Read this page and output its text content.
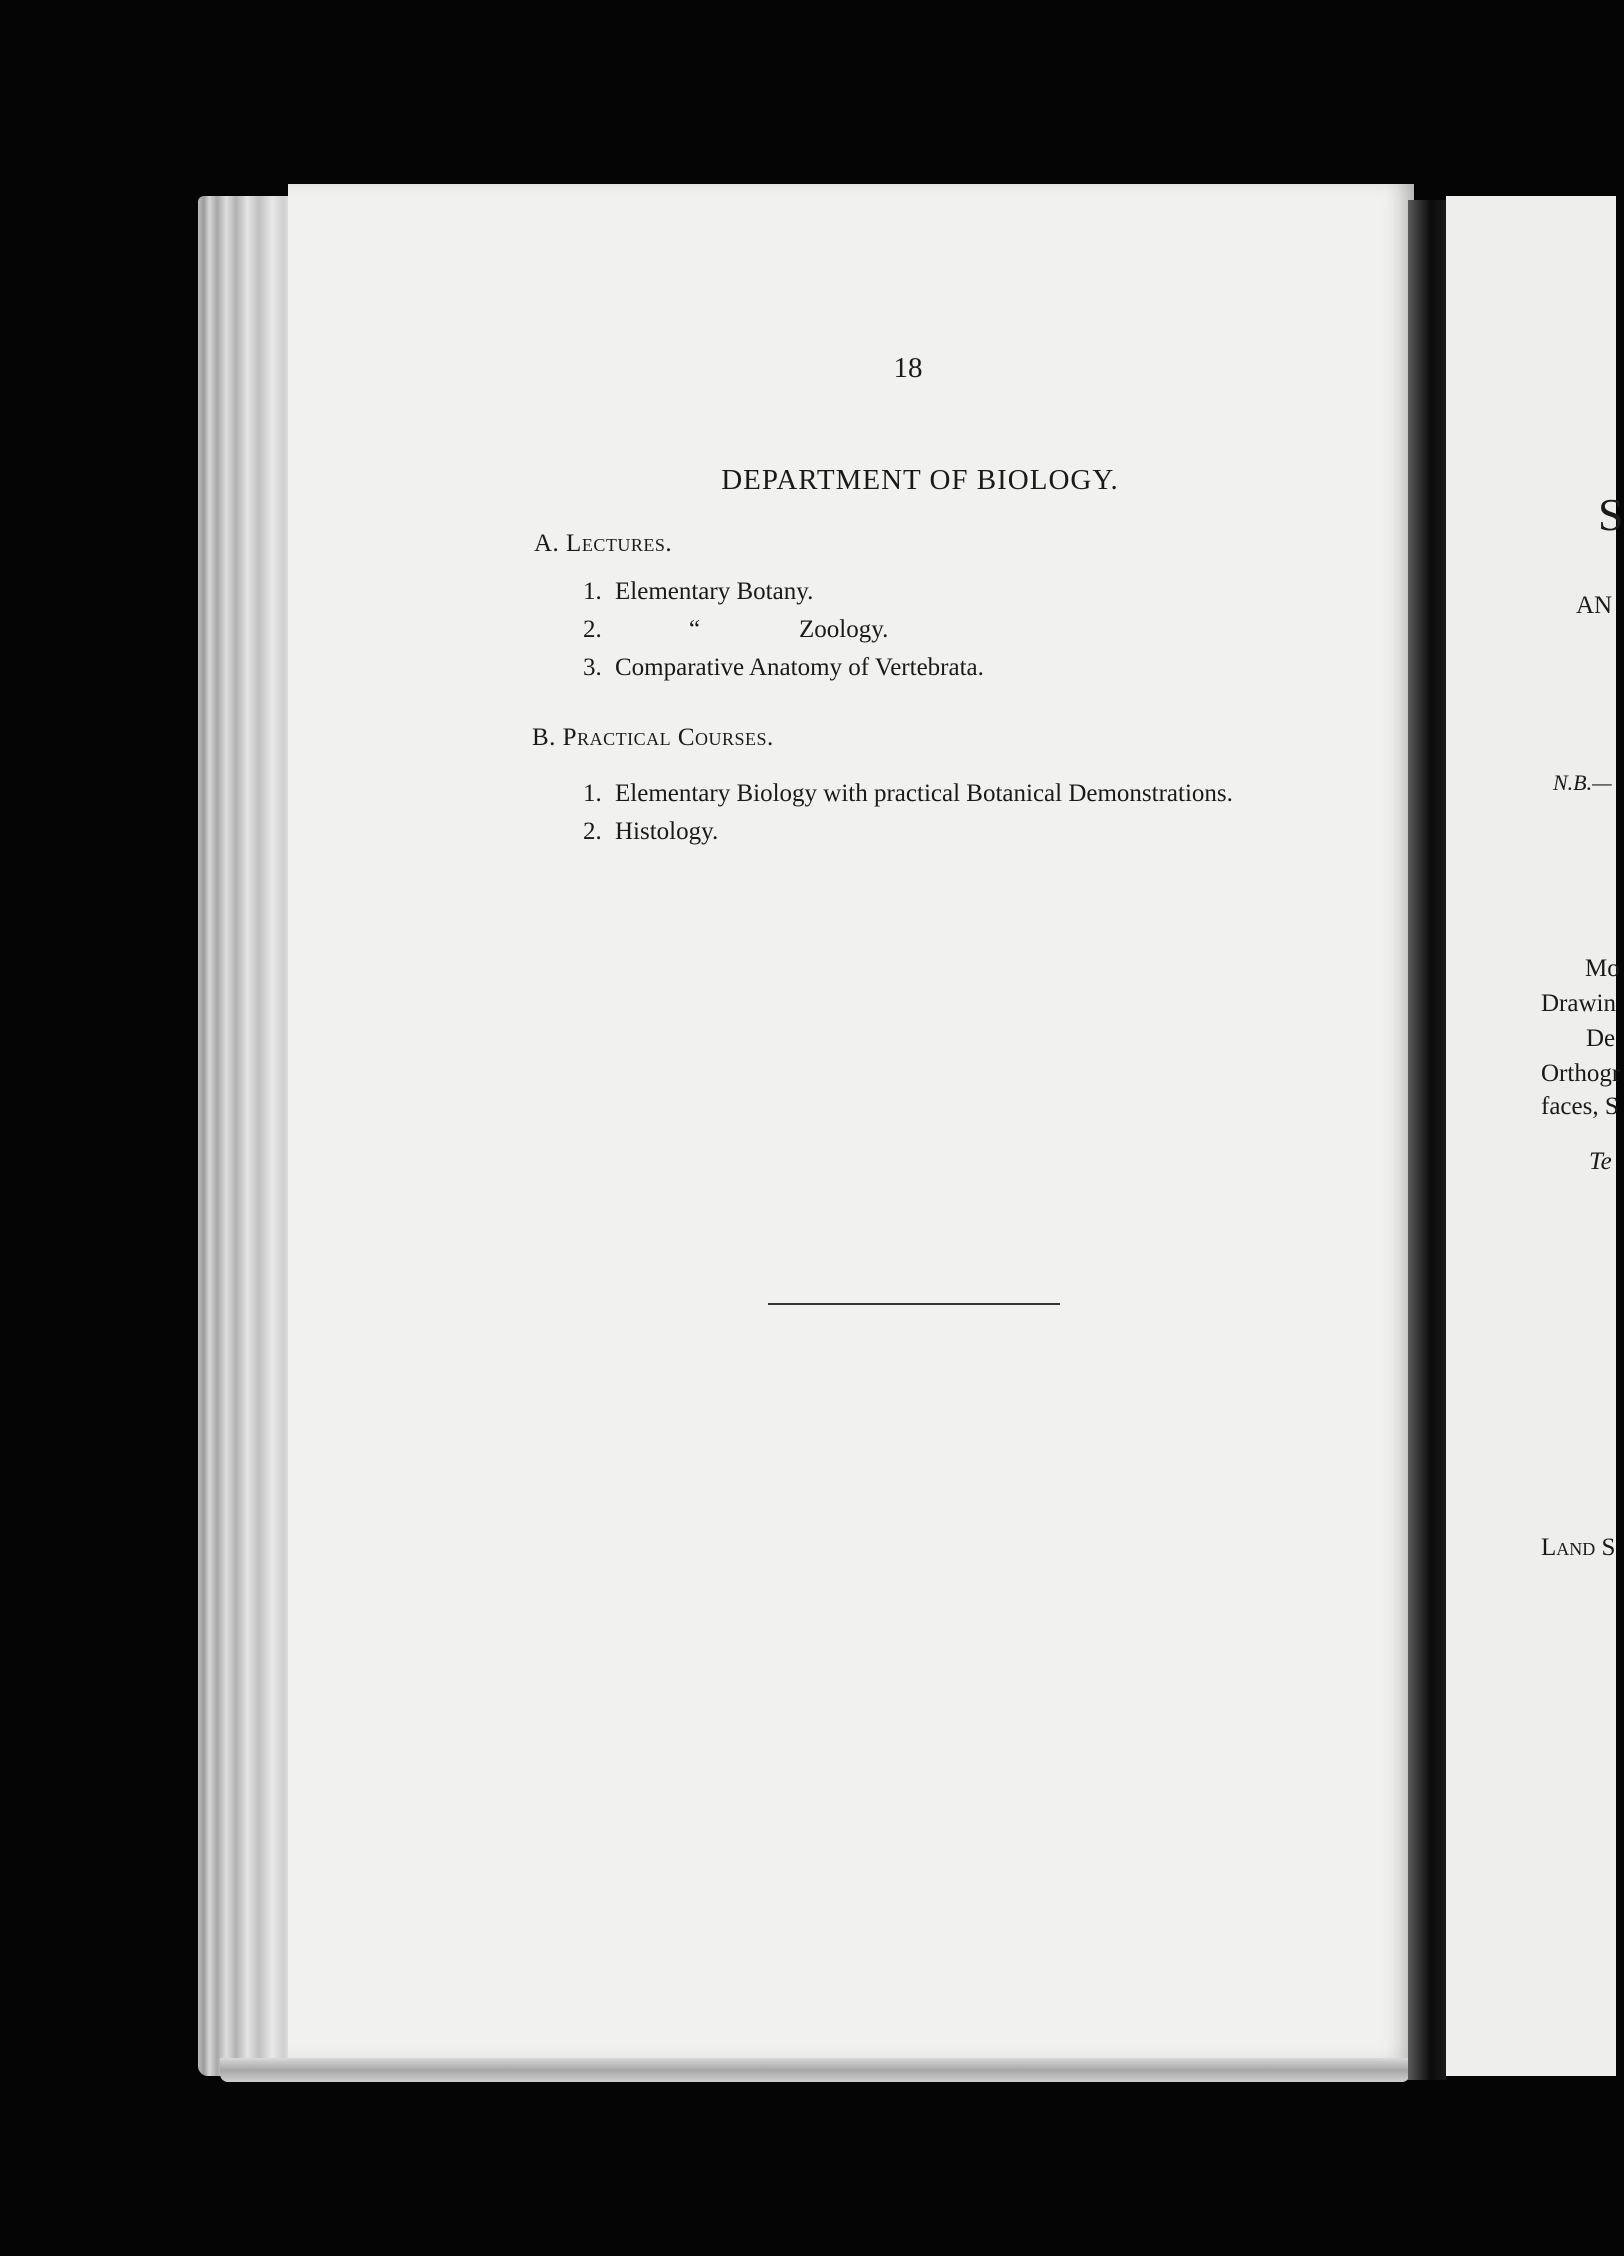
18
DEPARTMENT OF BIOLOGY.
A. Lectures.
1. Elementary Botany.
2.	“	Zoology.
3. Comparative Anatomy of Vertebrata.
B. Practical Courses.
1. Elementary Biology with practical Botanical Demonstrations.
2. Histology.
S
AN
N.B.—
Mo
Drawin
De
Orthogr
faces, S
Te
Land S
